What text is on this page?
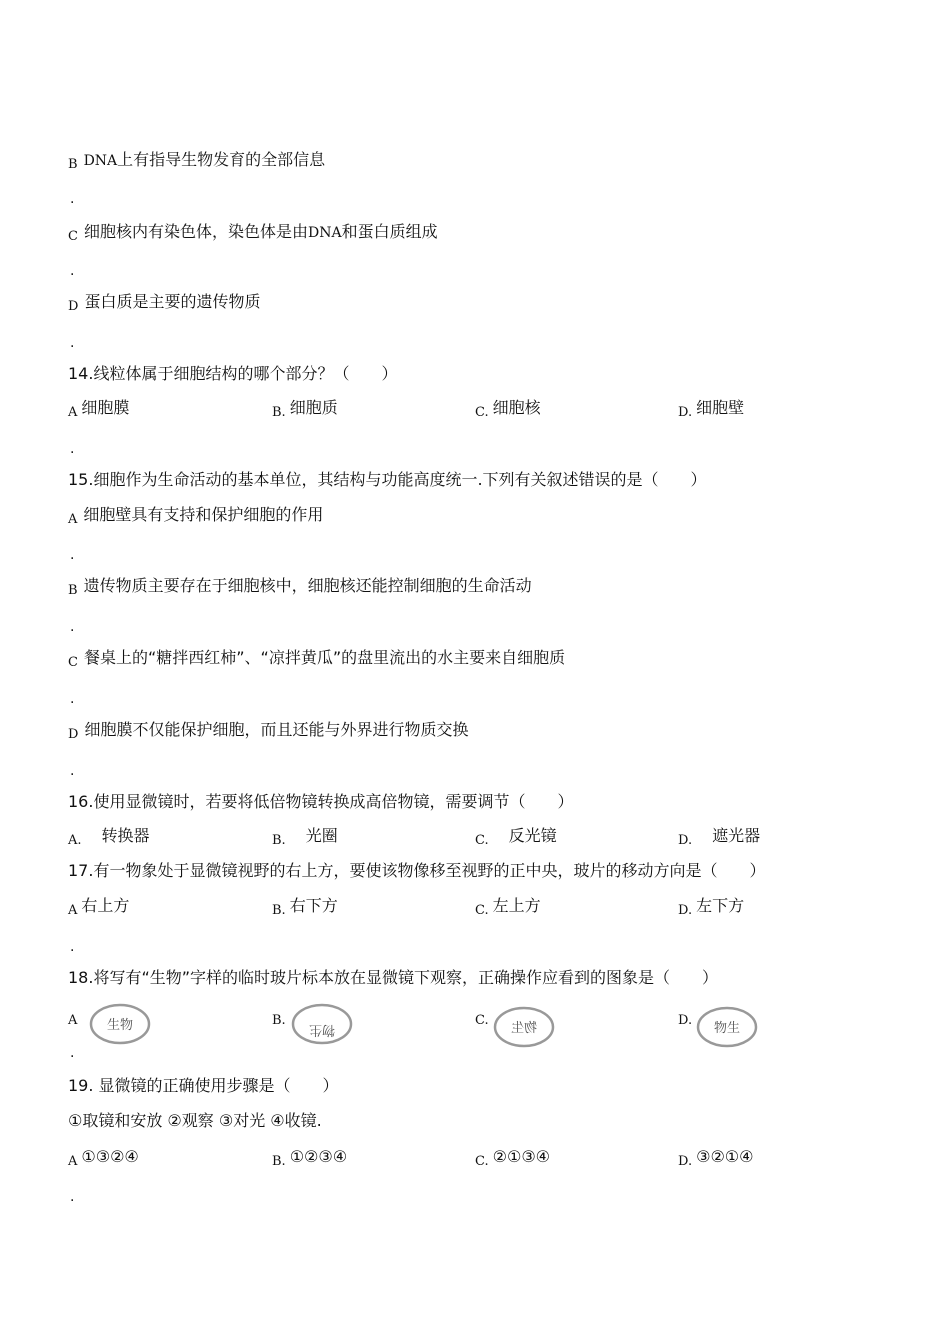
B DNA上有指导生物发育的全部信息
.
C 细胞核内有染色体，染色体是由DNA和蛋白质组成
.
D 蛋白质是主要的遗传物质
.
14.线粒体属于细胞结构的哪个部分？（　　）
A 细胞膜	B. 细胞质	C. 细胞核	D. 细胞壁
.
15.细胞作为生命活动的基本单位，其结构与功能高度统一.下列有关叙述错误的是（　　）
A 细胞壁具有支持和保护细胞的作用
.
B 遗传物质主要存在于细胞核中，细胞核还能控制细胞的生命活动
.
C 餐桌上的“糖拌西红柿”、“凉拌黄瓜”的盘里流出的水主要来自细胞质
.
D 细胞膜不仅能保护细胞，而且还能与外界进行物质交换
.
16.使用显微镜时，若要将低倍物镜转换成高倍物镜，需要调节（　　）
A. 转换器	B. 光圈	C. 反光镜	D. 遮光器
17.有一物象处于显微镜视野的右上方，要使该物像移至视野的正中央，玻片的移动方向是（　　）
A 右上方	B. 右下方	C. 左上方	D. 左下方
.
18.将写有“生物”字样的临时玻片标本放在显微镜下观察，正确操作应看到的图象是（　　）
A	生物	B.
物生
C.
物生
D.
物生
.
19. 显微镜的正确使用步骤是（　　）
①取镜和安放 ②观察 ③对光 ④收镜.
A ①③②④	B. ①②③④	C. ②①③④	D. ③②①④
.
